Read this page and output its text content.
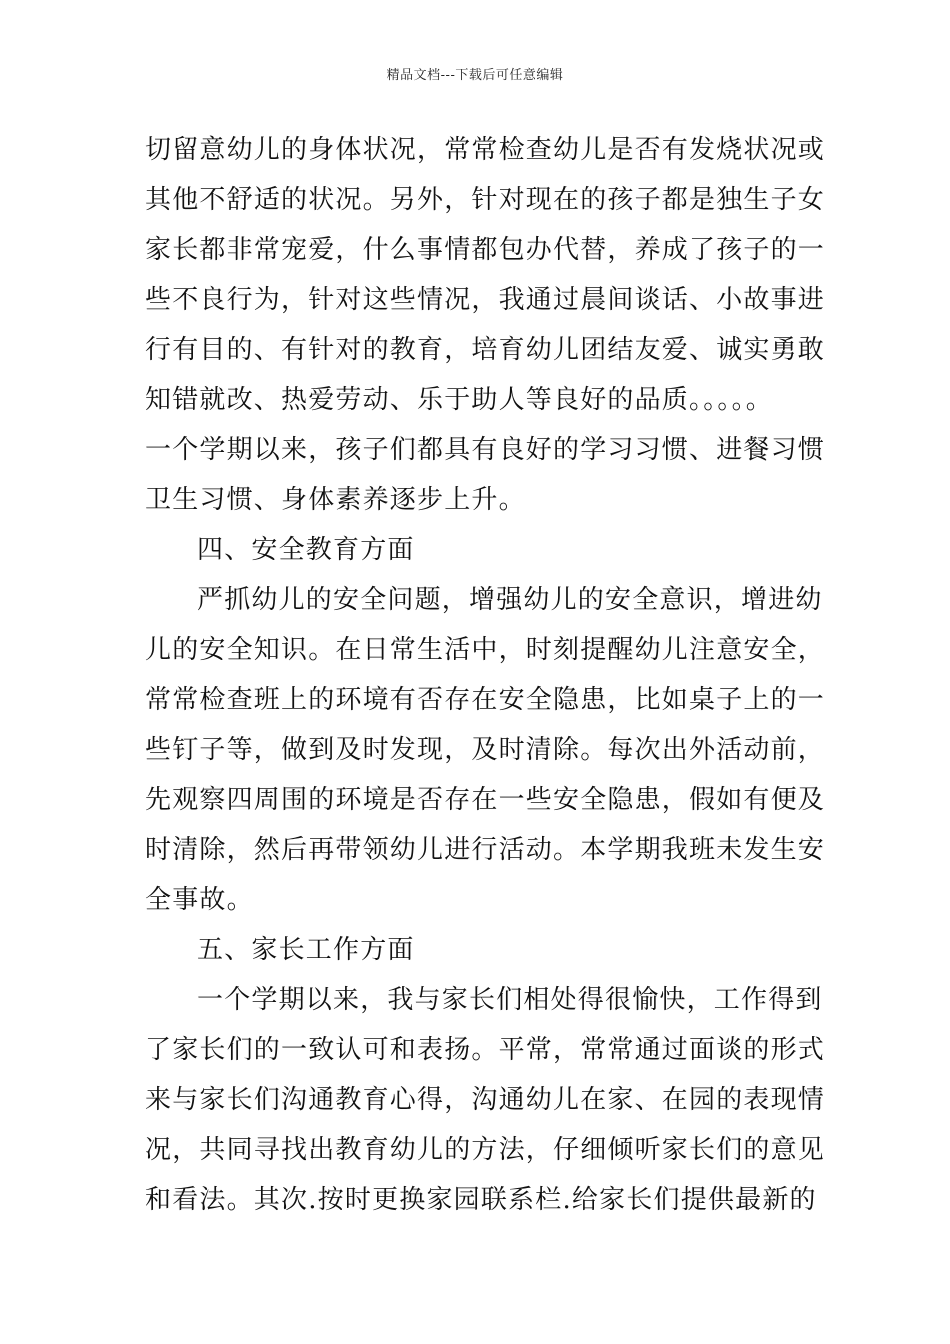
精品文档---下载后可任意编辑
切留意幼儿的身体状况，常常检查幼儿是否有发烧状况或
其他不舒适的状况。另外，针对现在的孩子都是独生子女
家长都非常宠爱，什么事情都包办代替，养成了孩子的一
些不良行为，针对这些情况，我通过晨间谈话、小故事进
行有目的、有针对的教育，培育幼儿团结友爱、诚实勇敢
知错就改、热爱劳动、乐于助人等良好的品质。。。。。
一个学期以来，孩子们都具有良好的学习习惯、进餐习惯
卫生习惯、身体素养逐步上升。
四、安全教育方面
严抓幼儿的安全问题，增强幼儿的安全意识，增进幼
儿的安全知识。在日常生活中，时刻提醒幼儿注意安全，
常常检查班上的环境有否存在安全隐患，比如桌子上的一
些钉子等，做到及时发现，及时清除。每次出外活动前，
先观察四周围的环境是否存在一些安全隐患，假如有便及
时清除，然后再带领幼儿进行活动。本学期我班未发生安
全事故。
五、家长工作方面
一个学期以来，我与家长们相处得很愉快，工作得到
了家长们的一致认可和表扬。平常，常常通过面谈的形式
来与家长们沟通教育心得，沟通幼儿在家、在园的表现情
况，共同寻找出教育幼儿的方法，仔细倾听家长们的意见
和看法。其次.按时更换家园联系栏.给家长们提供最新的
